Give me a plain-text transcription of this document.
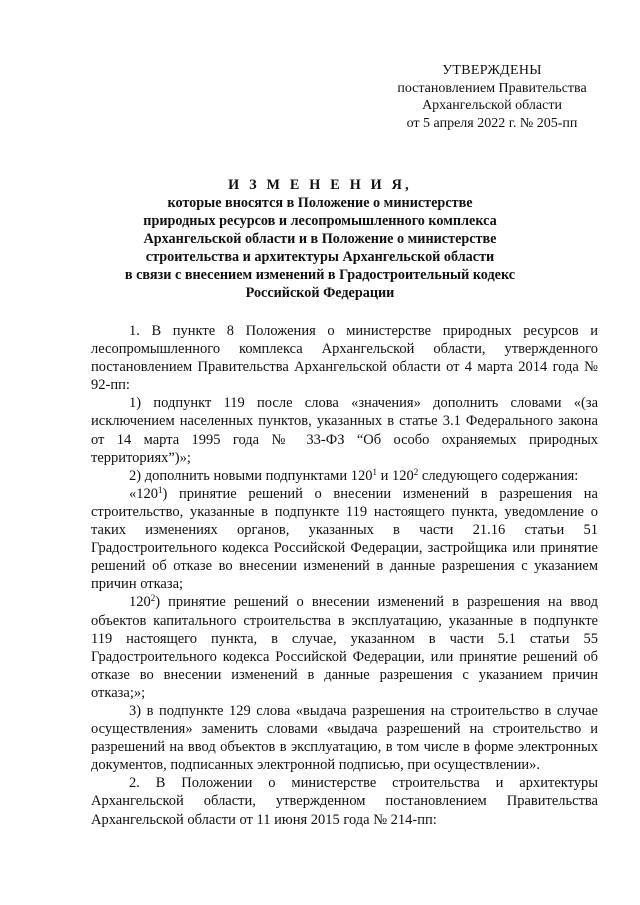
УТВЕРЖДЕНЫ
постановлением Правительства
Архангельской области
от 5 апреля 2022 г. № 205-пп
И З М Е Н Е Н И Я,
которые вносятся в Положение о министерстве
природных ресурсов и лесопромышленного комплекса
Архангельской области и в Положение о министерстве
строительства и архитектуры Архангельской области
в связи с внесением изменений в Градостроительный кодекс
Российской Федерации

1. В пункте 8 Положения о министерстве природных ресурсов и лесопромышленного комплекса Архангельской области, утвержденного постановлением Правительства Архангельской области от 4 марта 2014 года № 92-пп:

1) подпункт 119 после слова «значения» дополнить словами «(за исключением населенных пунктов, указанных в статье 3.1 Федерального закона от 14 марта 1995 года № 33-ФЗ “Об особо охраняемых природных территориях”)»;

2) дополнить новыми подпунктами $120^1$ и $120^2$ следующего содержания:

«$120^1$) принятие решений о внесении изменений в разрешения на строительство, указанные в подпункте 119 настоящего пункта, уведомление о таких изменениях органов, указанных в части 21.16 статьи 51 Градостроительного кодекса Российской Федерации, застройщика или принятие решений об отказе во внесении изменений в данные разрешения с указанием причин отказа;

$120^2$) принятие решений о внесении изменений в разрешения на ввод объектов капитального строительства в эксплуатацию, указанные в подпункте 119 настоящего пункта, в случае, указанном в части 5.1 статьи 55 Градостроительного кодекса Российской Федерации, или принятие решений об отказе во внесении изменений в данные разрешения с указанием причин отказа;»;

3) в подпункте 129 слова «выдача разрешения на строительство в случае осуществления» заменить словами «выдача разрешений на строительство и разрешений на ввод объектов в эксплуатацию, в том числе в форме электронных документов, подписанных электронной подписью, при осуществлении».

2. В Положении о министерстве строительства и архитектуры Архангельской области, утвержденном постановлением Правительства Архангельской области от 11 июня 2015 года № 214-пп:
